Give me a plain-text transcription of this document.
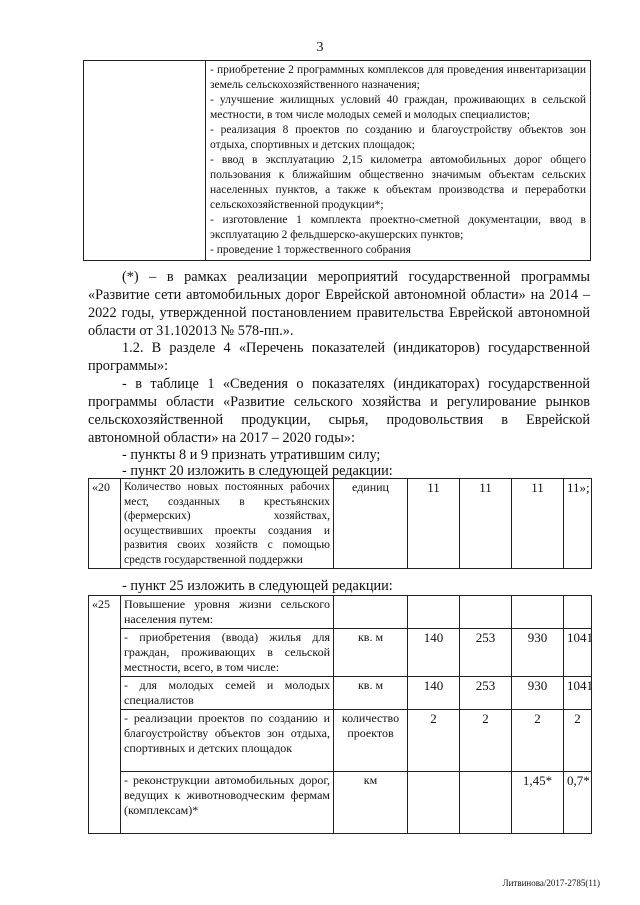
3

- приобретение 2 программных комплексов для проведения инвентаризации земель сельскохозяйственного назначения;
- улучшение жилищных условий 40 граждан, проживающих в сельской местности, в том числе молодых семей и молодых специалистов;
- реализация 8 проектов по созданию и благоустройству объектов зон отдыха, спортивных и детских площадок;
- ввод в эксплуатацию 2,15 километра автомобильных дорог общего пользования к ближайшим общественно значимым объектам сельских населенных пунктов, а также к объектам производства и переработки сельскохозяйственной продукции*;
- изготовление 1 комплекта проектно-сметной документации, ввод в эксплуатацию 2 фельдшерско-акушерских пунктов;
- проведение 1 торжественного собрания
(*) – в рамках реализации мероприятий государственной программы «Развитие сети автомобильных дорог Еврейской автономной области» на 2014 – 2022 годы, утвержденной постановлением правительства Еврейской автономной области от 31.102013 № 578-пп.».
1.2. В разделе 4 «Перечень показателей (индикаторов) государственной программы»:
- в таблице 1 «Сведения о показателях (индикаторах) государственной программы области «Развитие сельского хозяйства и регулирование рынков сельскохозяйственной продукции, сырья, продовольствия в Еврейской автономной области» на 2017 – 2020 годы»:
- пункты 8 и 9 признать утратившим силу;
- пункт 20 изложить в следующей редакции:
«20	Количество новых постоянных рабочих мест, созданных в крестьянских (фермерских) хозяйствах, осуществивших проекты создания и развития своих хозяйств с помощью средств государственной поддержки	единиц	11	11	11	11»;
- пункт 25 изложить в следующей редакции:
«25	Повышение уровня жизни сельского населения путем:					
	- приобретения (ввода) жилья для граждан, проживающих в сельской местности, всего, в том числе:	кв. м	140	253	930	1041
	- для молодых семей и молодых специалистов	кв. м	140	253	930	1041
	- реализации проектов по созданию и благоустройству объектов зон отдыха, спортивных и детских площадок	количество проектов	2	2	2	2
	- реконструкции автомобильных дорог, ведущих к животноводческим фермам (комплексам)*	км			1,45*	0,7*
Литвинова/2017-2785(11)
